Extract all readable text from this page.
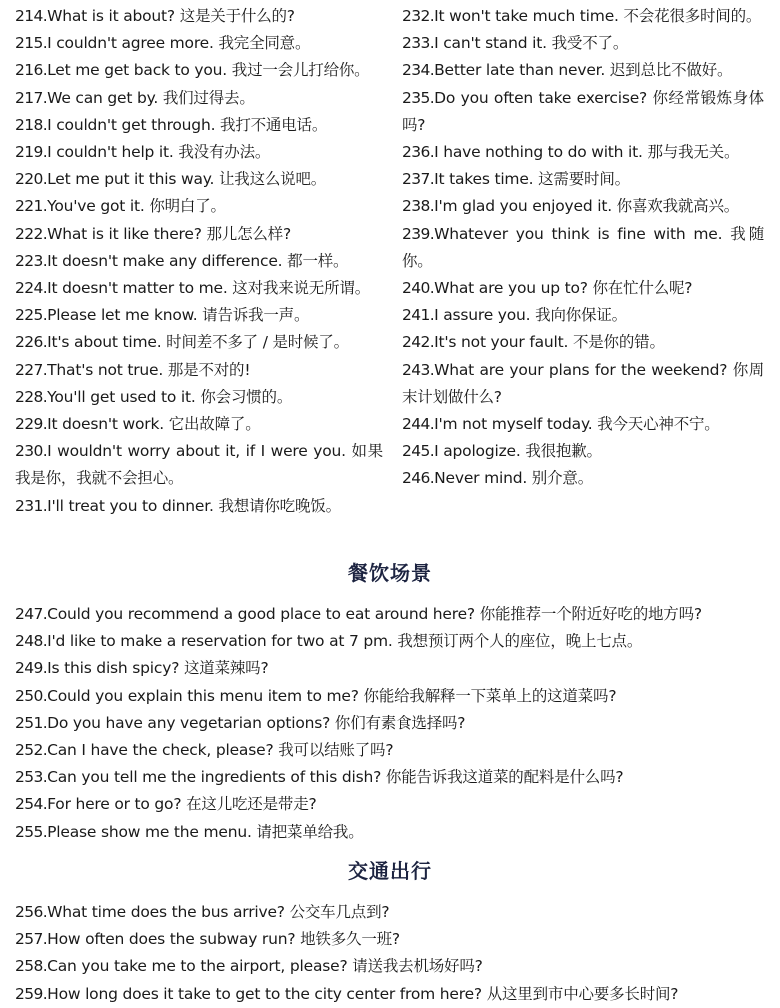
214.What is it about? 这是关于什么的?
215.I couldn't agree more. 我完全同意。
216.Let me get back to you. 我过一会儿打给你。
217.We can get by. 我们过得去。
218.I couldn't get through. 我打不通电话。
219.I couldn't help it. 我没有办法。
220.Let me put it this way. 让我这么说吧。
221.You've got it. 你明白了。
222.What is it like there? 那儿怎么样?
223.It doesn't make any difference. 都一样。
224.It doesn't matter to me. 这对我来说无所谓。
225.Please let me know. 请告诉我一声。
226.It's about time. 时间差不多了 / 是时候了。
227.That's not true. 那是不对的!
228.You'll get used to it. 你会习惯的。
229.It doesn't work. 它出故障了。
230.I wouldn't worry about it, if I were you. 如果我是你，我就不会担心。
231.I'll treat you to dinner. 我想请你吃晚饭。
232.It won't take much time. 不会花很多时间的。
233.I can't stand it. 我受不了。
234.Better late than never. 迟到总比不做好。
235.Do you often take exercise? 你经常锻炼身体吗?
236.I have nothing to do with it. 那与我无关。
237.It takes time. 这需要时间。
238.I'm glad you enjoyed it. 你喜欢我就高兴。
239.Whatever you think is fine with me. 我随你。
240.What are you up to? 你在忙什么呢?
241.I assure you. 我向你保证。
242.It's not your fault. 不是你的错。
243.What are your plans for the weekend? 你周末计划做什么?
244.I'm not myself today. 我今天心神不宁。
245.I apologize. 我很抱歉。
246.Never mind. 别介意。
餐饮场景
247.Could you recommend a good place to eat around here? 你能推荐一个附近好吃的地方吗?
248.I'd like to make a reservation for two at 7 pm. 我想预订两个人的座位，晚上七点。
249.Is this dish spicy? 这道菜辣吗?
250.Could you explain this menu item to me? 你能给我解释一下菜单上的这道菜吗?
251.Do you have any vegetarian options? 你们有素食选择吗?
252.Can I have the check, please? 我可以结账了吗?
253.Can you tell me the ingredients of this dish? 你能告诉我这道菜的配料是什么吗?
254.For here or to go? 在这儿吃还是带走?
255.Please show me the menu. 请把菜单给我。
交通出行
256.What time does the bus arrive? 公交车几点到?
257.How often does the subway run? 地铁多久一班?
258.Can you take me to the airport, please? 请送我去机场好吗?
259.How long does it take to get to the city center from here? 从这里到市中心要多长时间?
